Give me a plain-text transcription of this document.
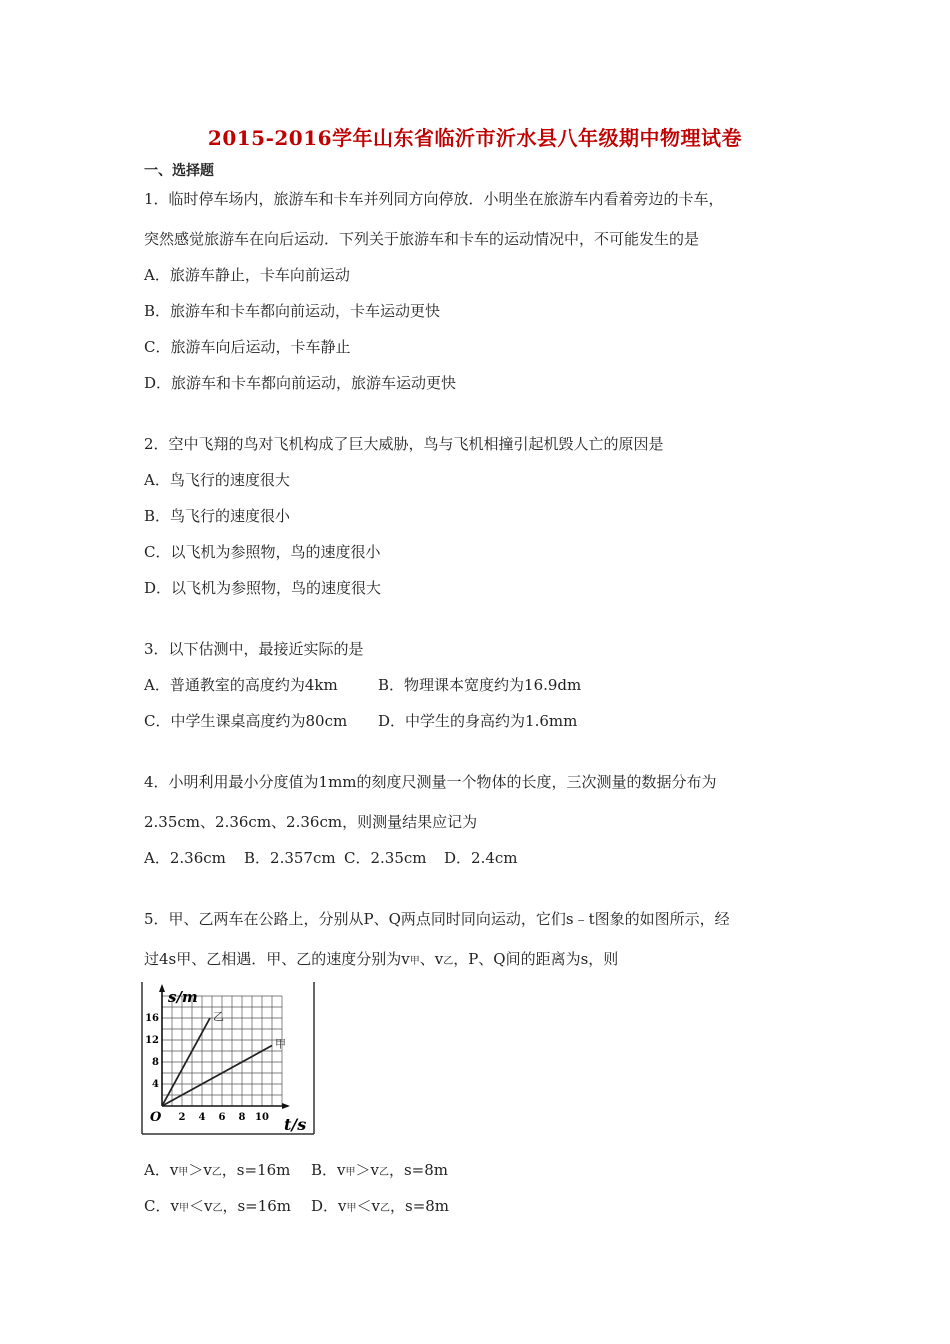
2015-2016学年山东省临沂市沂水县八年级期中物理试卷
一、选择题
1．临时停车场内，旅游车和卡车并列同方向停放．小明坐在旅游车内看着旁边的卡车，
突然感觉旅游车在向后运动．下列关于旅游车和卡车的运动情况中，不可能发生的是
A．旅游车静止，卡车向前运动
B．旅游车和卡车都向前运动，卡车运动更快
C．旅游车向后运动，卡车静止
D．旅游车和卡车都向前运动，旅游车运动更快
2．空中飞翔的鸟对飞机构成了巨大威胁，鸟与飞机相撞引起机毁人亡的原因是
A．鸟飞行的速度很大
B．鸟飞行的速度很小
C．以飞机为参照物，鸟的速度很小
D．以飞机为参照物，鸟的速度很大
3．以下估测中，最接近实际的是
A．普通教室的高度约为4km	B．物理课本宽度约为16.9dm
C．中学生课桌高度约为80cm D．中学生的身高约为1.6mm
4．小明利用最小分度值为1mm的刻度尺测量一个物体的长度，三次测量的数据分布为
2.35cm、2.36cm、2.36cm，则测量结果应记为
A．2.36cm B．2.357cm C．2.35cm D．2.4cm
5．甲、乙两车在公路上，分别从P、Q两点同时同向运动，它们s﹣t图象的如图所示，经
过4s甲、乙相遇．甲、乙的速度分别为v甲、v乙，P、Q间的距离为s，则
乙
甲
2 4 6 8 10
4
8
12
16
O
s/m
t/s
A．v甲＞v乙，s=16m B．v甲＞v乙，s=8m
C．v甲＜v乙，s=16m D．v甲＜v乙，s=8m
